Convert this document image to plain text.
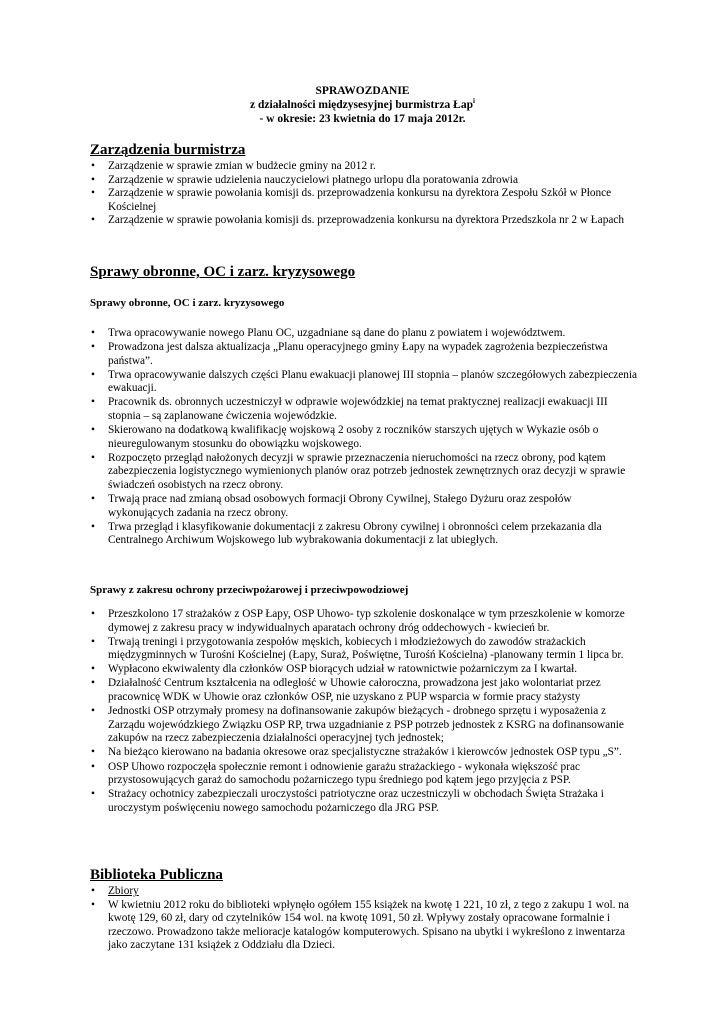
SPRAWOZDANIE
z działalności międzysesyjnej burmistrza Łap$^i$
- w okresie: 23 kwietnia do 17 maja 2012r.
Zarządzenia burmistrza
• Zarządzenie w sprawie zmian w budżecie gminy na 2012 r.
• Zarządzenie w sprawie udzielenia nauczycielowi płatnego urlopu dla poratowania zdrowia
• Zarządzenie w sprawie powołania komisji ds. przeprowadzenia konkursu na dyrektora Zespołu Szkół w Płonce Kościelnej
• Zarządzenie w sprawie powołania komisji ds. przeprowadzenia konkursu na dyrektora Przedszkola nr 2 w Łapach
Sprawy obronne, OC i zarz. kryzysowego
Sprawy obronne, OC i zarz. kryzysowego
• Trwa opracowywanie nowego Planu OC, uzgadniane są dane do planu z powiatem i województwem.
• Prowadzona jest dalsza aktualizacja „Planu operacyjnego gminy Łapy na wypadek zagrożenia bezpieczeństwa państwa”.
• Trwa opracowywanie dalszych części Planu ewakuacji planowej III stopnia – planów szczegółowych zabezpieczenia ewakuacji.
• Pracownik ds. obronnych uczestniczył w odprawie wojewódzkiej na temat praktycznej realizacji ewakuacji III stopnia – są zaplanowane ćwiczenia wojewódzkie.
• Skierowano na dodatkową kwalifikację wojskową 2 osoby z roczników starszych ujętych w Wykazie osób o nieuregulowanym stosunku do obowiązku wojskowego.
• Rozpoczęto przegląd nałożonych decyzji w sprawie przeznaczenia nieruchomości na rzecz obrony, pod kątem zabezpieczenia logistycznego wymienionych planów oraz potrzeb jednostek zewnętrznych oraz decyzji w sprawie świadczeń osobistych na rzecz obrony.
• Trwają prace nad zmianą obsad osobowych formacji Obrony Cywilnej, Stałego Dyżuru oraz zespołów wykonujących zadania na rzecz obrony.
• Trwa przegląd i klasyfikowanie dokumentacji z zakresu Obrony cywilnej i obronności celem przekazania dla Centralnego Archiwum Wojskowego lub wybrakowania dokumentacji z lat ubiegłych.
Sprawy z zakresu ochrony przeciwpożarowej i przeciwpowodziowej
• Przeszkolono 17 strażaków z OSP Łapy, OSP Uhowo- typ szkolenie doskonalące w tym przeszkolenie w komorze dymowej z zakresu pracy w indywidualnych aparatach ochrony dróg oddechowych - kwiecień br.
• Trwają treningi i przygotowania zespołów męskich, kobiecych i młodzieżowych do zawodów strażackich międzygminnych w Turośni Kościelnej (Łapy, Suraż, Poświętne, Turośń Kościelna) -planowany termin 1 lipca br.
• Wypłacono ekwiwalenty dla członków OSP biorących udział w ratownictwie pożarniczym za I kwartał.
• Działalność Centrum kształcenia na odległość w Uhowie całoroczna, prowadzona jest jako wolontariat przez pracownicę WDK w Uhowie oraz członków OSP, nie uzyskano z PUP wsparcia w formie pracy stażysty
• Jednostki OSP otrzymały promesy na dofinansowanie zakupów bieżących - drobnego sprzętu i wyposażenia z Zarządu wojewódzkiego Związku OSP RP, trwa uzgadnianie z PSP potrzeb jednostek z KSRG na dofinansowanie zakupów na rzecz zabezpieczenia działalności operacyjnej tych jednostek;
• Na bieżąco kierowano na badania okresowe oraz specjalistyczne strażaków i kierowców jednostek OSP typu „S”.
• OSP Uhowo rozpoczęła społecznie remont i odnowienie garażu strażackiego - wykonała większość prac przystosowujących garaż do samochodu pożarniczego typu średniego pod kątem jego przyjęcia z PSP.
• Strażacy ochotnicy zabezpieczali uroczystości patriotyczne oraz uczestniczyli w obchodach Święta Strażaka i uroczystym poświęceniu nowego samochodu pożarniczego dla JRG PSP.
Biblioteka Publiczna
• Zbiory
• W kwietniu 2012 roku do biblioteki wpłynęło ogółem 155 książek na kwotę 1 221, 10 zł, z tego z zakupu 1 wol. na kwotę 129, 60 zł, dary od czytelników 154 wol. na kwotę 1091, 50 zł. Wpływy zostały opracowane formalnie i rzeczowo. Prowadzono także melioracje katalogów komputerowych. Spisano na ubytki i wykreślono z inwentarza jako zaczytane 131 książek z Oddziału dla Dzieci.
